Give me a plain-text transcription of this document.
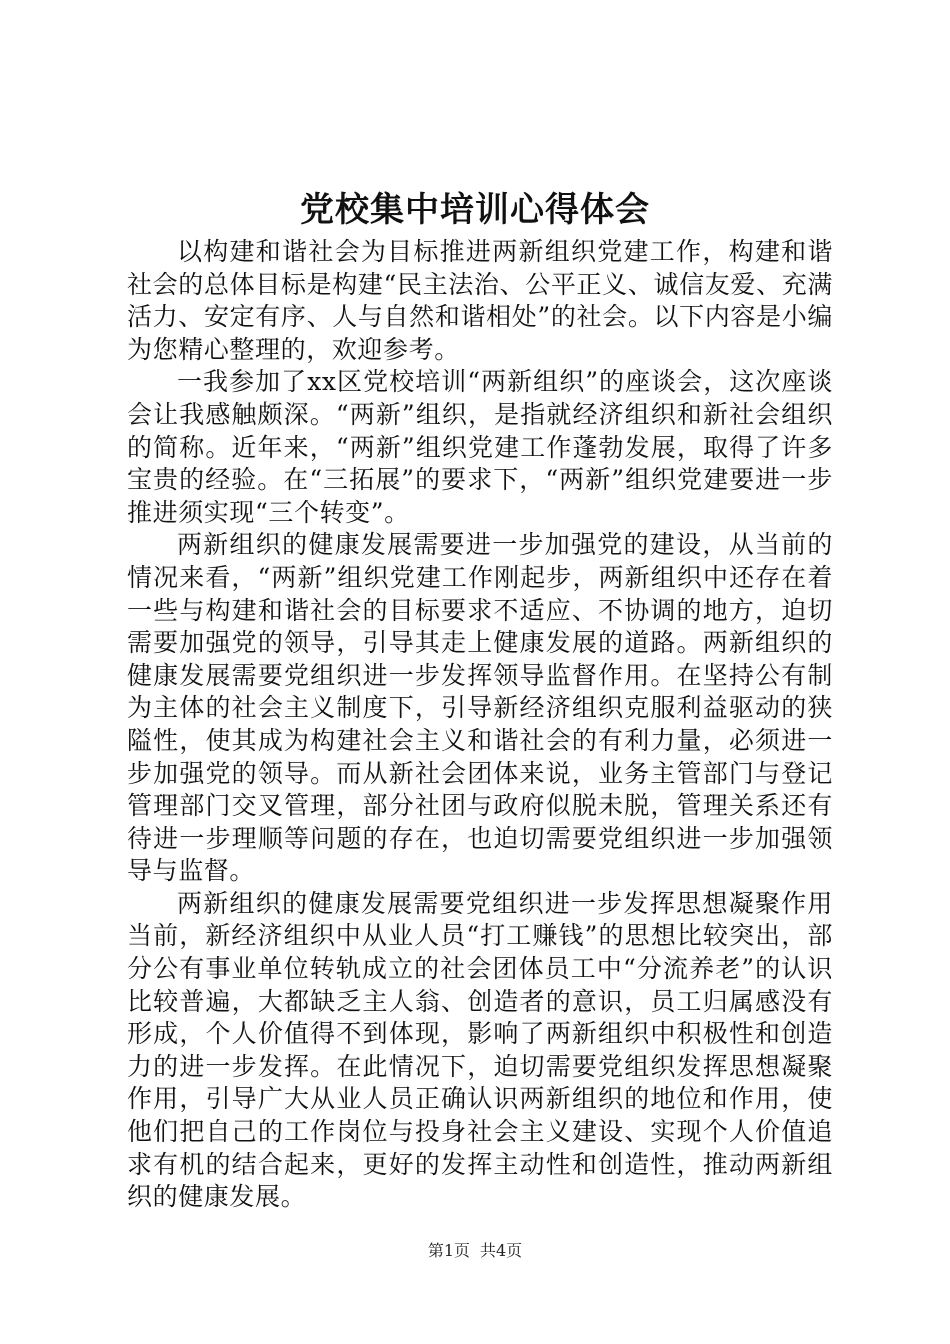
党校集中培训心得体会

以构建和谐社会为目标推进两新组织党建工作，构建和谐社会的总体目标是构建“民主法治、公平正义、诚信友爱、充满活力、安定有序、人与自然和谐相处”的社会。以下内容是小编为您精心整理的，欢迎参考。

一我参加了xx区党校培训“两新组织”的座谈会，这次座谈会让我感触颇深。“两新”组织，是指就经济组织和新社会组织的简称。近年来，“两新”组织党建工作蓬勃发展，取得了许多宝贵的经验。在“三拓展”的要求下，“两新”组织党建要进一步推进须实现“三个转变”。

两新组织的健康发展需要进一步加强党的建设，从当前的情况来看，“两新”组织党建工作刚起步，两新组织中还存在着一些与构建和谐社会的目标要求不适应、不协调的地方，迫切需要加强党的领导，引导其走上健康发展的道路。两新组织的健康发展需要党组织进一步发挥领导监督作用。在坚持公有制为主体的社会主义制度下，引导新经济组织克服利益驱动的狭隘性，使其成为构建社会主义和谐社会的有利力量，必须进一步加强党的领导。而从新社会团体来说，业务主管部门与登记管理部门交叉管理，部分社团与政府似脱未脱，管理关系还有待进一步理顺等问题的存在，也迫切需要党组织进一步加强领导与监督。

两新组织的健康发展需要党组织进一步发挥思想凝聚作用当前，新经济组织中从业人员“打工赚钱”的思想比较突出，部分公有事业单位转轨成立的社会团体员工中“分流养老”的认识比较普遍，大都缺乏主人翁、创造者的意识，员工归属感没有形成，个人价值得不到体现，影响了两新组织中积极性和创造力的进一步发挥。在此情况下，迫切需要党组织发挥思想凝聚作用，引导广大从业人员正确认识两新组织的地位和作用，使他们把自己的工作岗位与投身社会主义建设、实现个人价值追求有机的结合起来，更好的发挥主动性和创造性，推动两新组织的健康发展。

第1页 共4页
